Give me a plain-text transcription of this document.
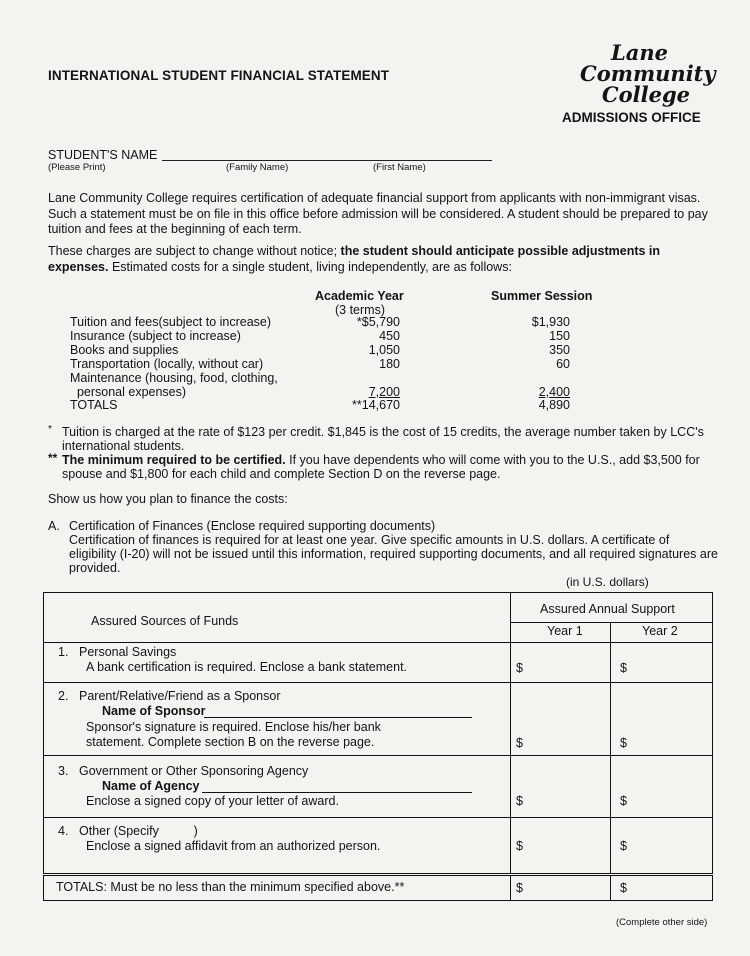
INTERNATIONAL STUDENT FINANCIAL STATEMENT
Lane
Community
College
ADMISSIONS OFFICE
STUDENT'S NAME
(Please Print)	(Family Name)	(First Name)
Lane Community College requires certification of adequate financial support from applicants with non-immigrant visas. Such a statement must be on file in this office before admission will be considered. A student should be prepared to pay tuition and fees at the beginning of each term.
These charges are subject to change without notice; the student should anticipate possible adjustments in expenses. Estimated costs for a single student, living independently, are as follows:
Academic Year
(3 terms)
Summer Session
Tuition and fees(subject to increase)	*$5,790	$1,930
Insurance (subject to increase)	450	150
Books and supplies	1,050	350
Transportation (locally, without car)	180	60
Maintenance (housing, food, clothing,
personal expenses)	7,200	2,400
TOTALS	**14,670	4,890
* Tuition is charged at the rate of $123 per credit. $1,845 is the cost of 15 credits, the average number taken by LCC's international students.
** The minimum required to be certified. If you have dependents who will come with you to the U.S., add $3,500 for spouse and $1,800 for each child and complete Section D on the reverse page.
Show us how you plan to finance the costs:
A. Certification of Finances (Enclose required supporting documents)
Certification of finances is required for at least one year. Give specific amounts in U.S. dollars. A certificate of eligibility (I-20) will not be issued until this information, required supporting documents, and all required signatures are provided.
(in U.S. dollars)
Assured Sources of Funds
Assured Annual Support
Year 1	Year 2
1. Personal Savings
A bank certification is required. Enclose a bank statement.	$	$
2. Parent/Relative/Friend as a Sponsor
Name of Sponsor
Sponsor's signature is required. Enclose his/her bank statement. Complete section B on the reverse page.	$	$
3. Government or Other Sponsoring Agency
Name of Agency
Enclose a signed copy of your letter of award.	$	$
4. Other (Specify          )
Enclose a signed affidavit from an authorized person.	$	$
TOTALS: Must be no less than the minimum specified above.**	$	$
(Complete other side)
